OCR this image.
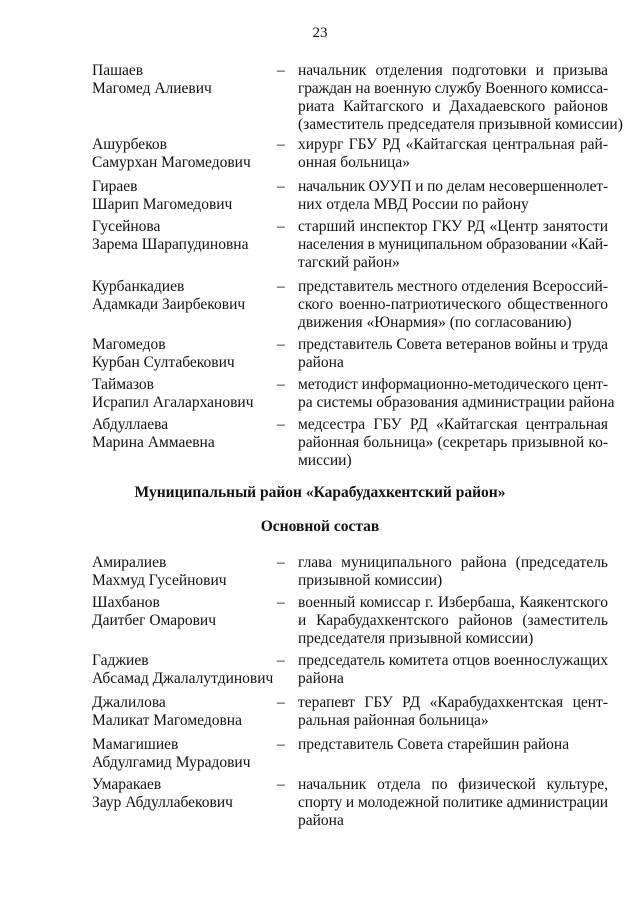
23
Пашаев
Магомед Алиевич
– начальник отделения подготовки и призыва
граждан на военную службу Военного комисса-
риата Кайтагского и Дахадаевского районов
(заместитель председателя призывной комиссии)
Ашурбеков
Самурхан Магомедович
– хирург ГБУ РД «Кайтагская центральная рай-
онная больница»
Гираев
Шарип Магомедович
– начальник ОУУП и по делам несовершеннолет-
них отдела МВД России по району
Гусейнова
Зарема Шарапудиновна
– старший инспектор ГКУ РД «Центр занятости
населения в муниципальном образовании «Кай-
тагский район»
Курбанкадиев
Адамкади Заирбекович
– представитель местного отделения Всероссий-
ского военно-патриотического общественного
движения «Юнармия» (по согласованию)
Магомедов
Курбан Султабекович
– представитель Совета ветеранов войны и труда
района
Таймазов
Исрапил Агаларханович
– методист информационно-методического цент-
ра системы образования администрации района
Абдуллаева
Марина Аммаевна
– медсестра ГБУ РД «Кайтагская центральная
районная больница» (секретарь призывной ко-
миссии)
Муниципальный район «Карабудахкентский район»
Основной состав
Амиралиев
Махмуд Гусейнович
– глава муниципального района (председатель
призывной комиссии)
Шахбанов
Даитбег Омарович
– военный комиссар г. Избербаша, Каякентского
и Карабудахкентского районов (заместитель
председателя призывной комиссии)
Гаджиев
Абсамад Джалалутдинович
– председатель комитета отцов военнослужащих
района
Джалилова
Маликат Магомедовна
– терапевт ГБУ РД «Карабудахкентская цент-
ральная районная больница»
Мамагишиев
Абдулгамид Мурадович
– представитель Совета старейшин района
Умаракаев
Заур Абдуллабекович
– начальник отдела по физической культуре,
спорту и молодежной политике администрации
района
